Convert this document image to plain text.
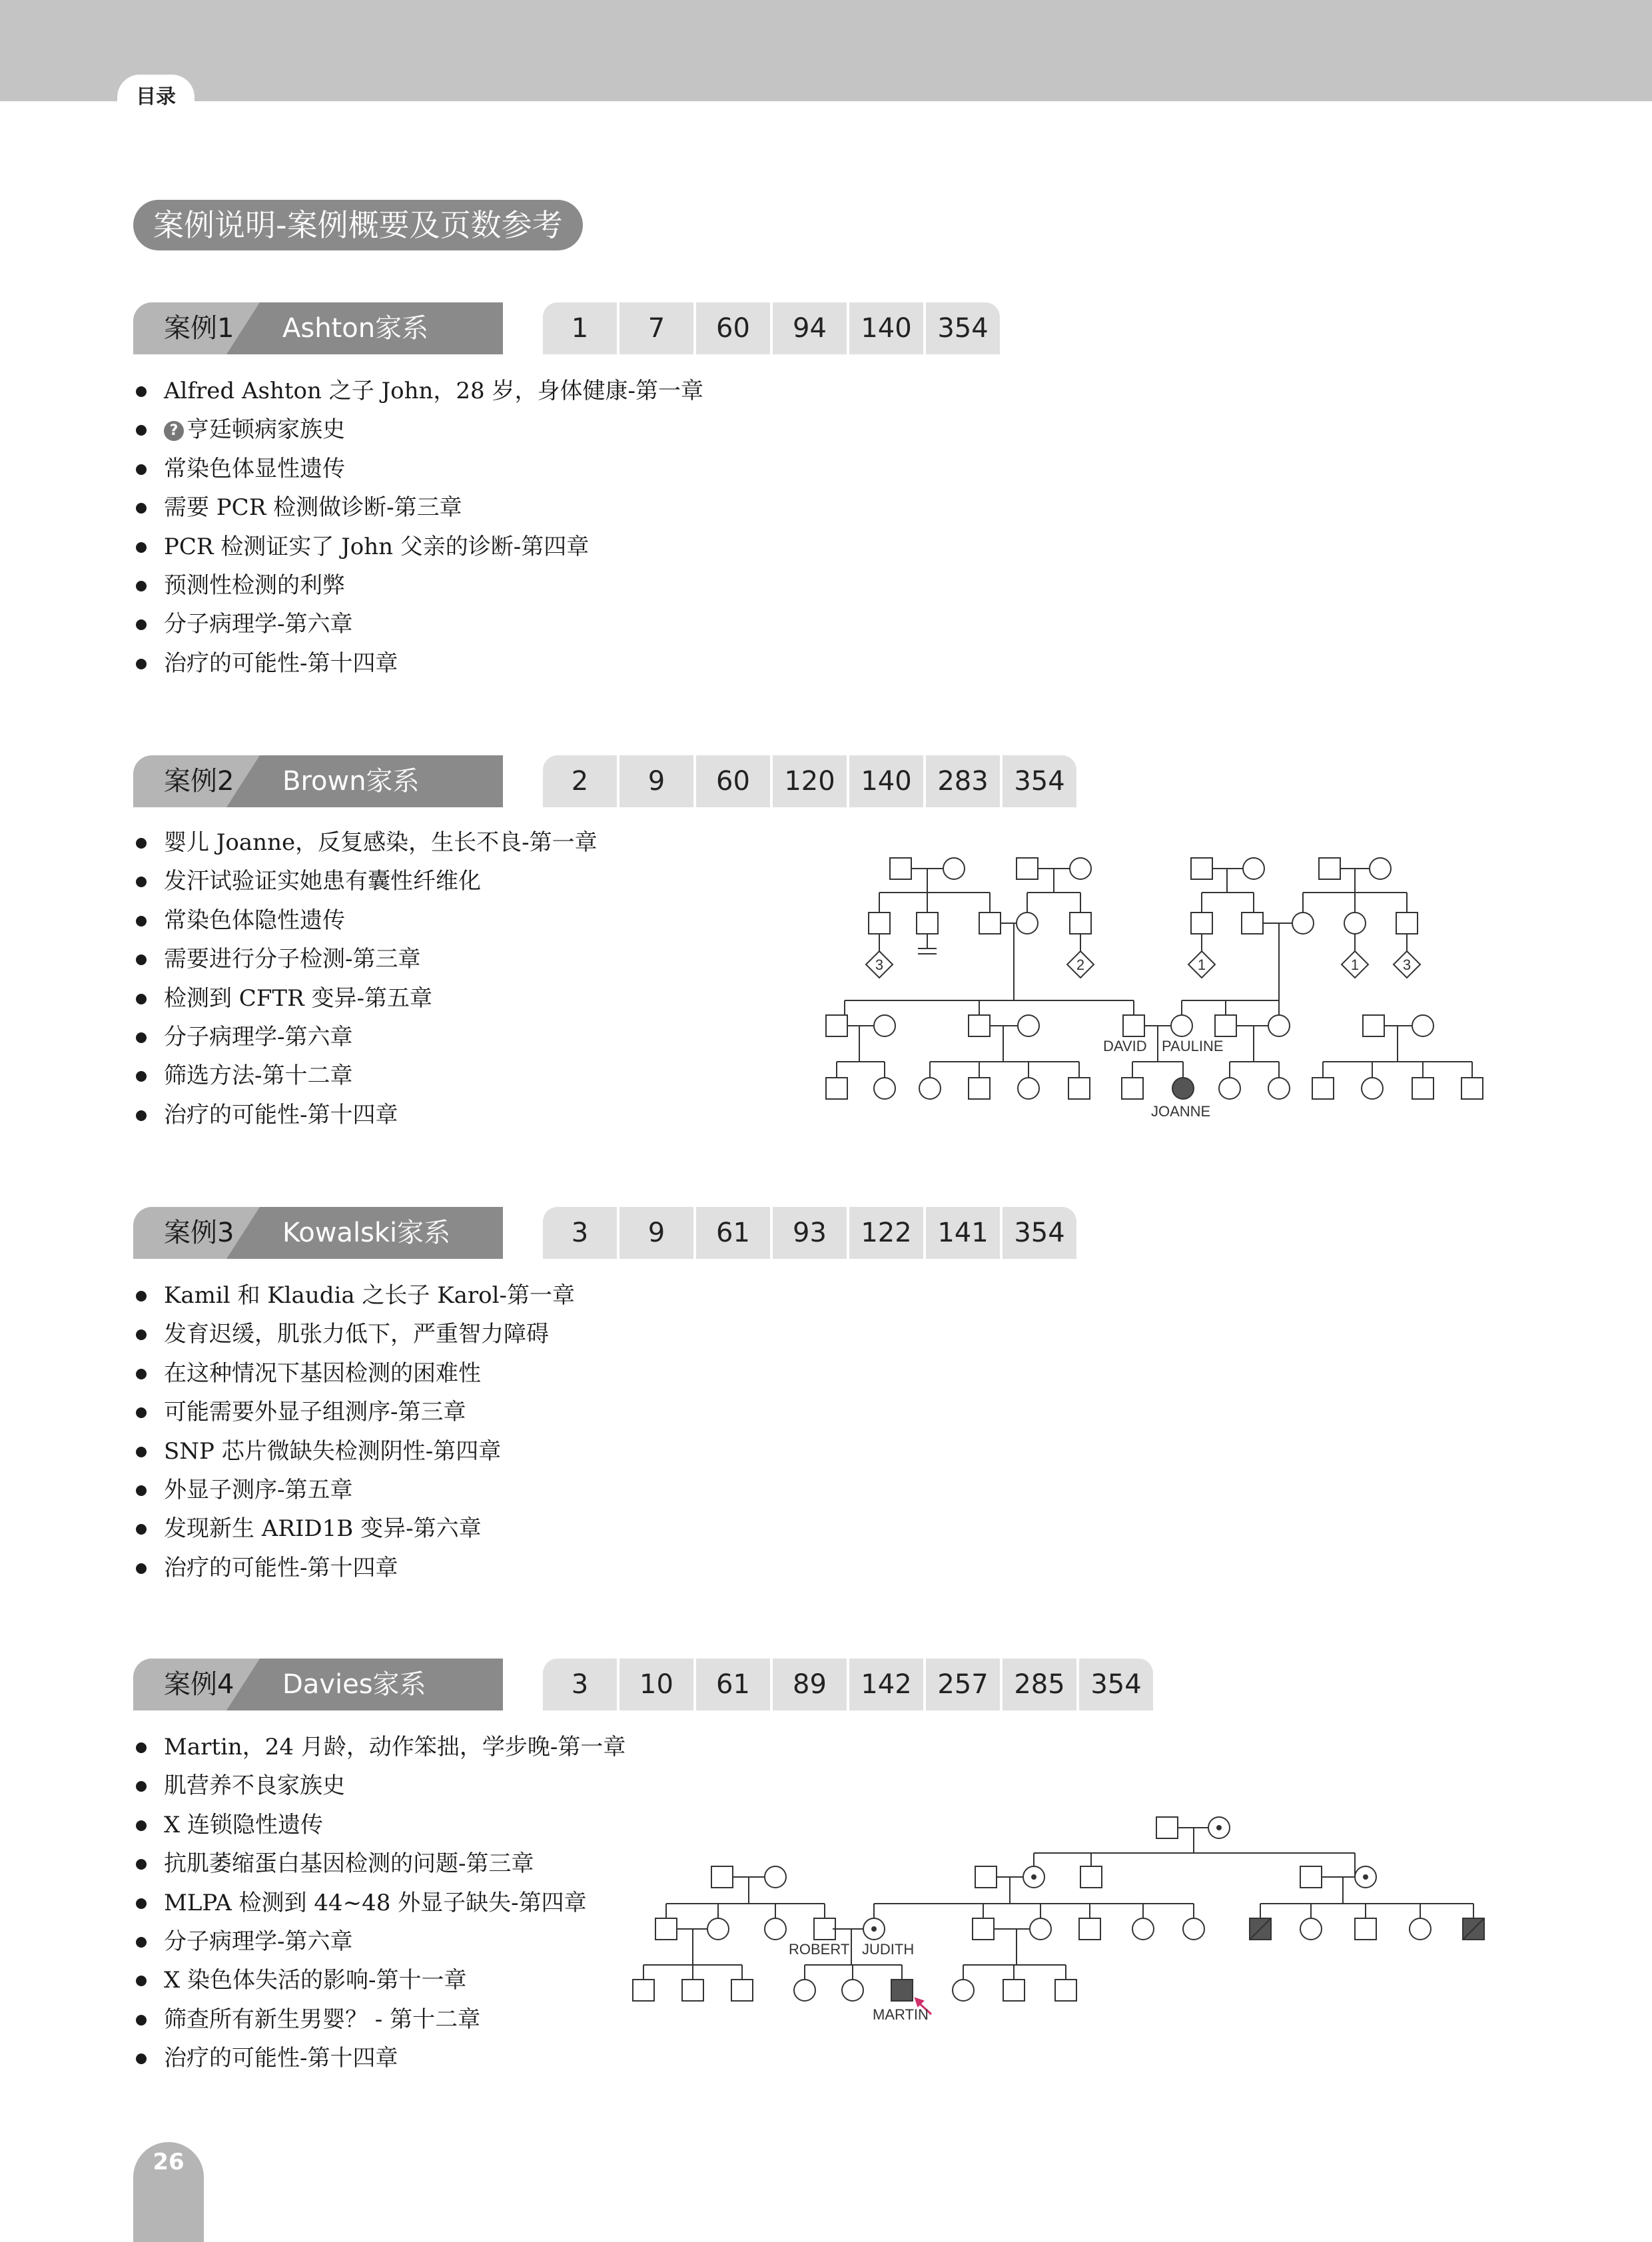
目录
案例说明-案例概要及页数参考
案例1 Ashton家系	1	7	60	94	140 354
Alfred Ashton 之子 John，28 岁，身体健康-第一章
? 亨廷顿病家族史
常染色体显性遗传
需要 PCR 检测做诊断-第三章
PCR 检测证实了 John 父亲的诊断-第四章
预测性检测的利弊
分子病理学-第六章
治疗的可能性-第十四章
案例2 Brown家系	2	9	60	120 140 283 354
婴儿 Joanne，反复感染，生长不良-第一章
发汗试验证实她患有囊性纤维化
常染色体隐性遗传
需要进行分子检测-第三章
检测到 CFTR 变异-第五章
分子病理学-第六章
筛选方法-第十二章
治疗的可能性-第十四章
3	2	1	1	3
DAVID PAULINE
JOANNE
案例3 Kowalski家系	3	9	61	93	122 141 354
Kamil 和 Klaudia 之长子 Karol-第一章
发育迟缓，肌张力低下，严重智力障碍
在这种情况下基因检测的困难性
可能需要外显子组测序-第三章
SNP 芯片微缺失检测阴性-第四章
外显子测序-第五章
发现新生 ARID1B 变异-第六章
治疗的可能性-第十四章
案例4 Davies家系	3	10	61	89	142 257 285 354
Martin，24 月龄，动作笨拙，学步晚-第一章
肌营养不良家族史
X 连锁隐性遗传
抗肌萎缩蛋白基因检测的问题-第三章
MLPA 检测到 44~48 外显子缺失-第四章
分子病理学-第六章
X 染色体失活的影响-第十一章
筛查所有新生男婴？ - 第十二章
治疗的可能性-第十四章
ROBERT JUDITH
MARTIN
26
